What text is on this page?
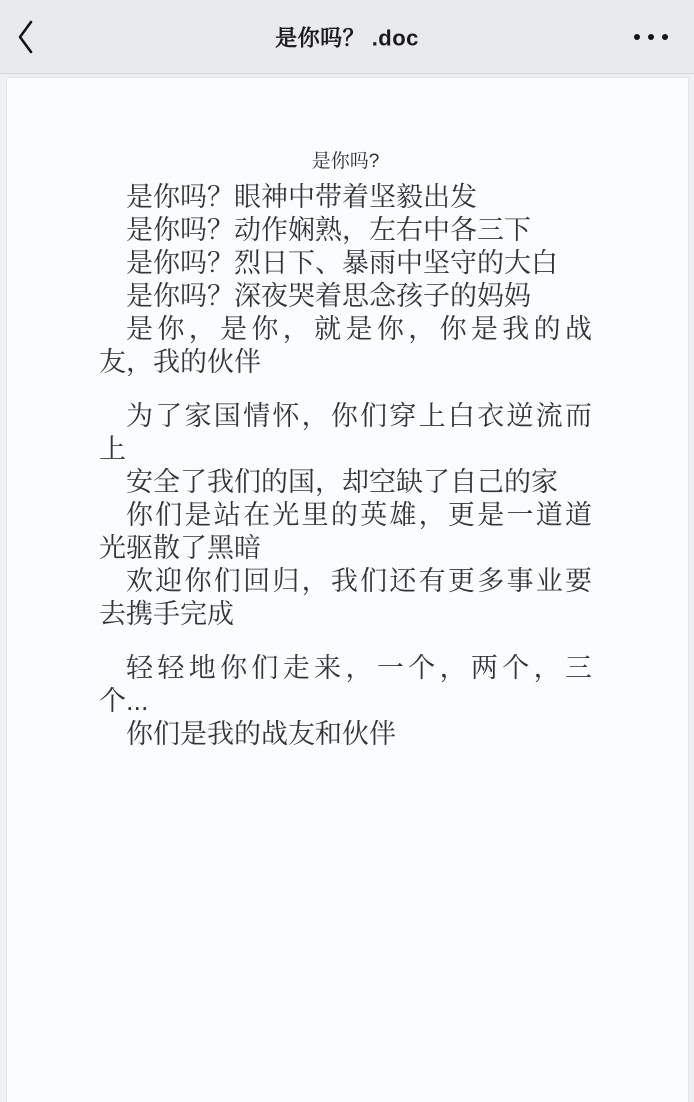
是你吗？ .doc
是你吗?
是你吗？眼神中带着坚毅出发
是你吗？动作娴熟，左右中各三下
是你吗？烈日下、暴雨中坚守的大白
是你吗？深夜哭着思念孩子的妈妈
是你，是你，就是你，你是我的战
友，我的伙伴
为了家国情怀，你们穿上白衣逆流而
上
安全了我们的国，却空缺了自己的家
你们是站在光里的英雄，更是一道道
光驱散了黑暗
欢迎你们回归，我们还有更多事业要
去携手完成
轻轻地你们走来，一个，两个，三
个...
你们是我的战友和伙伴
